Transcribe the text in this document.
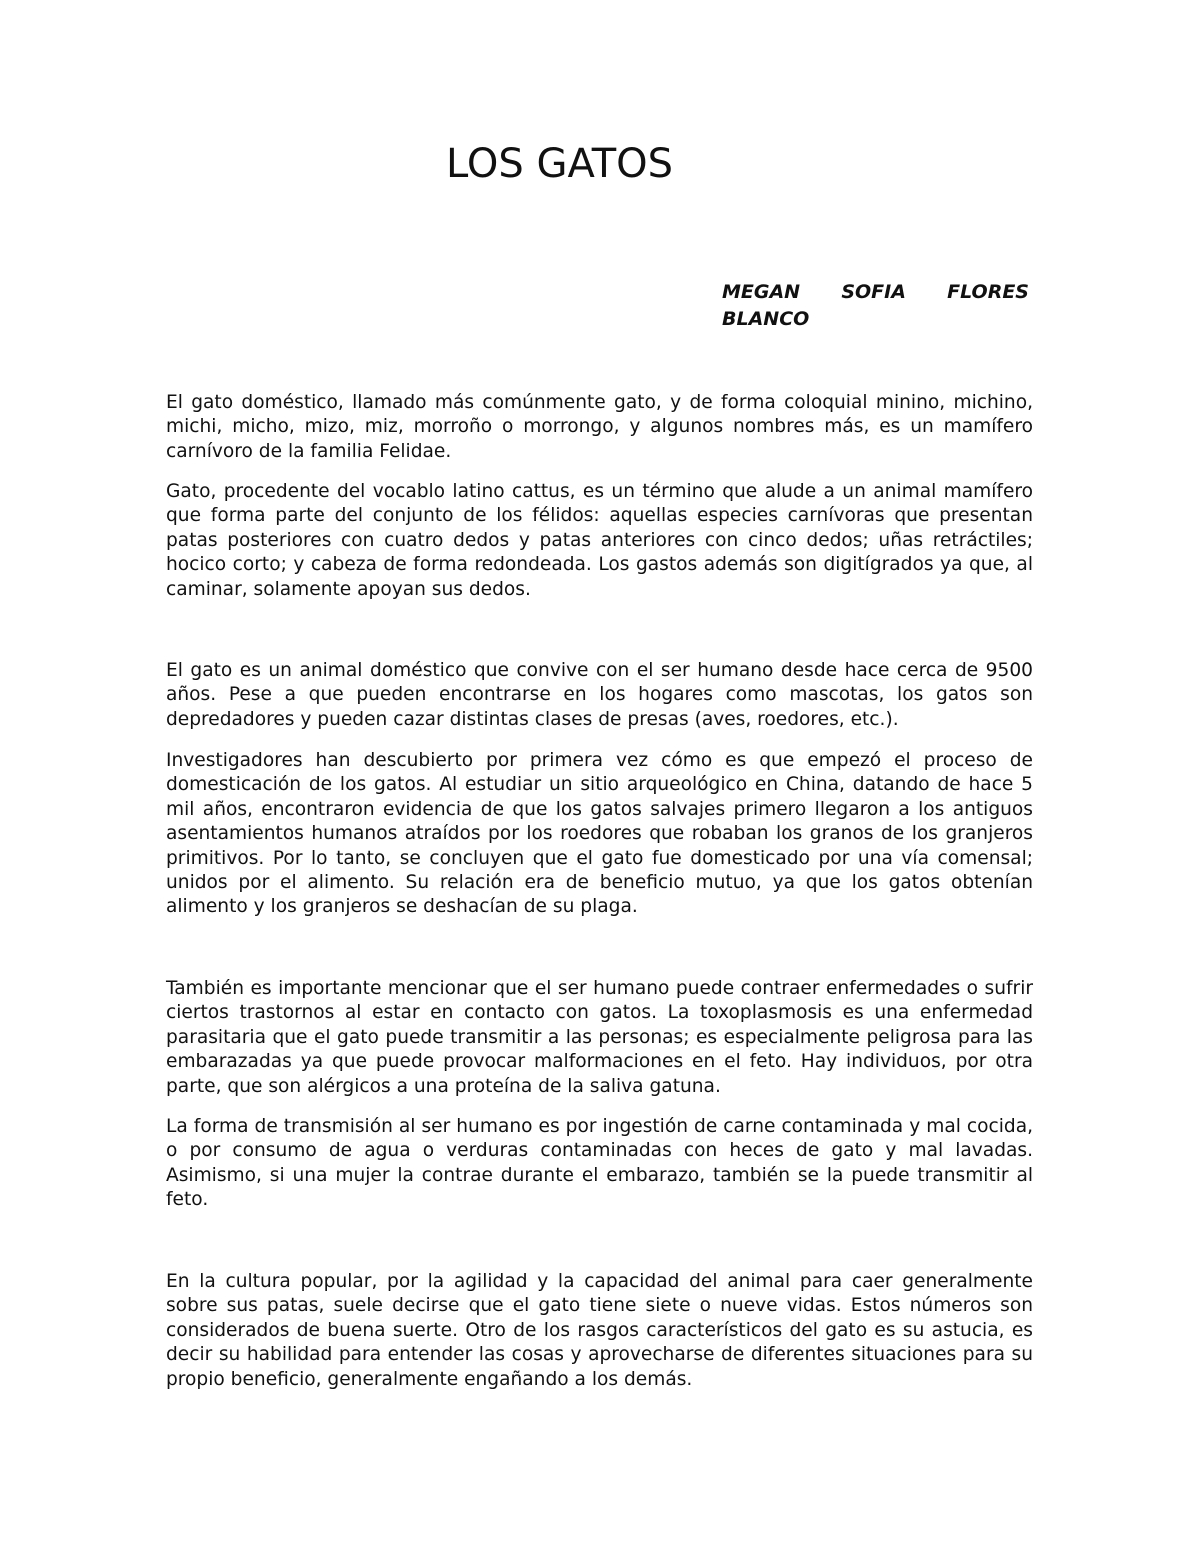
LOS GATOS

MEGAN SOFIA FLORES BLANCO

El gato doméstico, llamado más comúnmente gato, y de forma coloquial minino, michino, michi, micho, mizo, miz, morroño o morrongo, y algunos nombres más, es un mamífero carnívoro de la familia Felidae.

Gato, procedente del vocablo latino cattus, es un término que alude a un animal mamífero que forma parte del conjunto de los félidos: aquellas especies carnívoras que presentan patas posteriores con cuatro dedos y patas anteriores con cinco dedos; uñas retráctiles; hocico corto; y cabeza de forma redondeada. Los gastos además son digitígrados ya que, al caminar, solamente apoyan sus dedos.

El gato es un animal doméstico que convive con el ser humano desde hace cerca de 9500 años. Pese a que pueden encontrarse en los hogares como mascotas, los gatos son depredadores y pueden cazar distintas clases de presas (aves, roedores, etc.).

Investigadores han descubierto por primera vez cómo es que empezó el proceso de domesticación de los gatos. Al estudiar un sitio arqueológico en China, datando de hace 5 mil años, encontraron evidencia de que los gatos salvajes primero llegaron a los antiguos asentamientos humanos atraídos por los roedores que robaban los granos de los granjeros primitivos. Por lo tanto, se concluyen que el gato fue domesticado por una vía comensal; unidos por el alimento. Su relación era de beneficio mutuo, ya que los gatos obtenían alimento y los granjeros se deshacían de su plaga.

También es importante mencionar que el ser humano puede contraer enfermedades o sufrir ciertos trastornos al estar en contacto con gatos. La toxoplasmosis es una enfermedad parasitaria que el gato puede transmitir a las personas; es especialmente peligrosa para las embarazadas ya que puede provocar malformaciones en el feto. Hay individuos, por otra parte, que son alérgicos a una proteína de la saliva gatuna.

La forma de transmisión al ser humano es por ingestión de carne contaminada y mal cocida, o por consumo de agua o verduras contaminadas con heces de gato y mal lavadas. Asimismo, si una mujer la contrae durante el embarazo, también se la puede transmitir al feto.

En la cultura popular, por la agilidad y la capacidad del animal para caer generalmente sobre sus patas, suele decirse que el gato tiene siete o nueve vidas. Estos números son considerados de buena suerte. Otro de los rasgos característicos del gato es su astucia, es decir su habilidad para entender las cosas y aprovecharse de diferentes situaciones para su propio beneficio, generalmente engañando a los demás.
